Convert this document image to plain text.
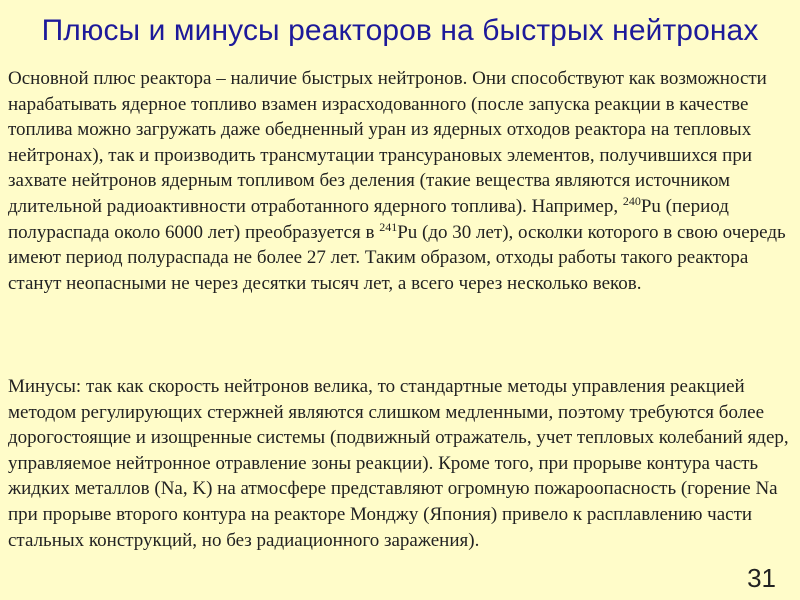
Плюсы и минусы реакторов на быстрых нейтронах

Основной плюс реактора – наличие быстрых нейтронов. Они способствуют как возможности нарабатывать ядерное топливо взамен израсходованного (после запуска реакции в качестве топлива можно загружать даже обедненный уран из ядерных отходов реактора на тепловых нейтронах), так и производить трансмутации трансурановых элементов, получившихся при захвате нейтронов ядерным топливом без деления (такие вещества являются источником длительной радиоактивности отработанного ядерного топлива). Например, $^{240}$Pu (период полураспада около 6000 лет) преобразуется в $^{241}$Pu (до 30 лет), осколки которого в свою очередь имеют период полураспада не более 27 лет. Таким образом, отходы работы такого реактора станут неопасными не через десятки тысяч лет, а всего через несколько веков.

Минусы: так как скорость нейтронов велика, то стандартные методы управления реакцией методом регулирующих стержней являются слишком медленными, поэтому требуются более дорогостоящие и изощренные системы (подвижный отражатель, учет тепловых колебаний ядер, управляемое нейтронное отравление зоны реакции). Кроме того, при прорыве контура часть жидких металлов (Na, K) на атмосфере представляют огромную пожароопасность (горение Na при прорыве второго контура на реакторе Монджу (Япония) привело к расплавлению части стальных конструкций, но без радиационного заражения).

31
